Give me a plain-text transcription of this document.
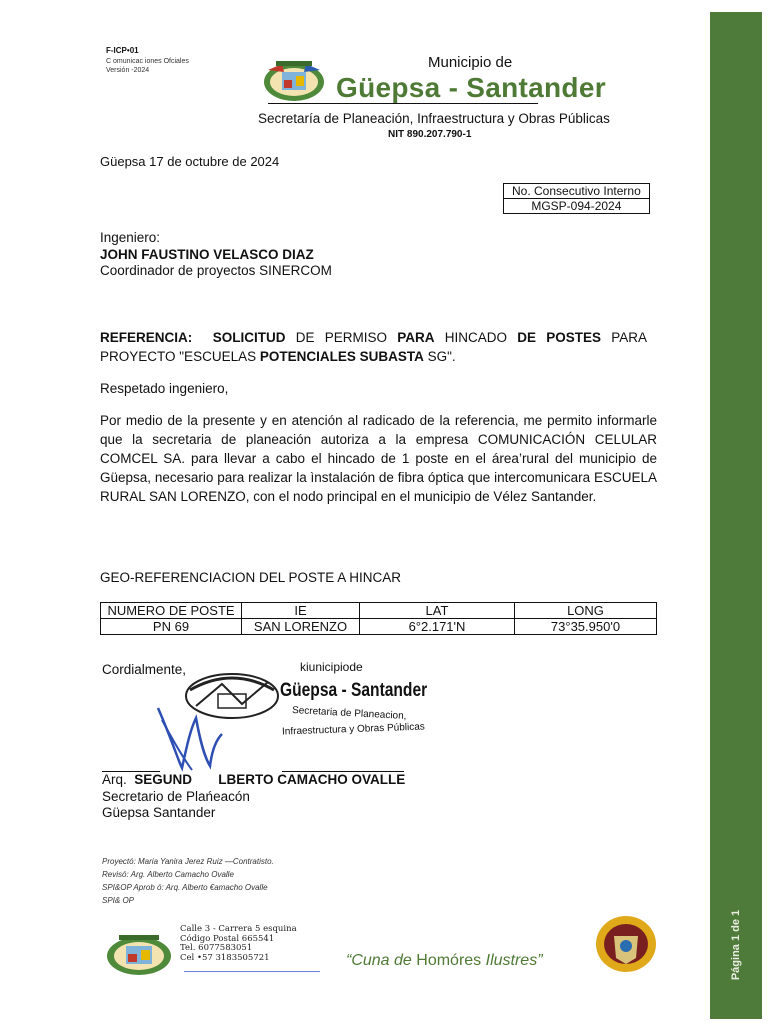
Página 1 de 1
F-ICP•01
C omunicac iones Ofciales
Versión -2024	Municipio de
Güepsa - Santander
Secretaría de Planeación, Infraestructura y Obras Públicas
NIT 890.207.790-1
Güepsa 17 de octubre de 2024
No. Consecutivo Interno
MGSP-094-2024
Ingeniero:
JOHN FAUSTINO VELASCO DIAZ
Coordinador de proyectos SINERCOM
REFERENCIA: SOLICITUD DE PERMISO PARA HINCADO DE POSTES PARA
PROYECTO "ESCUELAS POTENCIALES SUBASTA SG".
Respetado ingeniero,
Por medio de la presente y en atención al radicado de la referencia, me permito informarle que la secretaria de planeación autoriza a la empresa COMUNICACIÓN CELULAR COMCEL SA. para llevar a cabo el hincado de 1 poste en el área’rural del municipio de Güepsa, necesario para realizar la ìnstalación de fibra óptica que intercomunicara ESCUELA RURAL SAN LORENZO, con el nodo principal en el municipio de Vélez Santander.
GEO-REFERENCIACION DEL POSTE A HINCAR
NUMERO DE POSTE	IE	LAT	LONG
PN 69	SAN LORENZO	6°2.171'N	73°35.950'0
Cordialmente,	kiunicipiode
Güepsa - Santander
Secretaria de Planeacion,
Infraestructura y Obras Públicas
Arq. SEGUND       LBERTO CAMACHO OVALLE
Secretario de Plańeacón
Güepsa Santander
Proyectó: Maria Yanira Jerez Ruiz —Contratisto.
Revisó: Arg. Alberto Camacho Ovalle
SPI&OP Aprob ó: Arq. Alberto €amacho Ovalle
SPI& OP
Calle 3 - Carrera 5 esquina
Código Postal 665541
Tel. 6077583051
Cel •57 3183505721	“Cuna de Homóres Ilustres”
